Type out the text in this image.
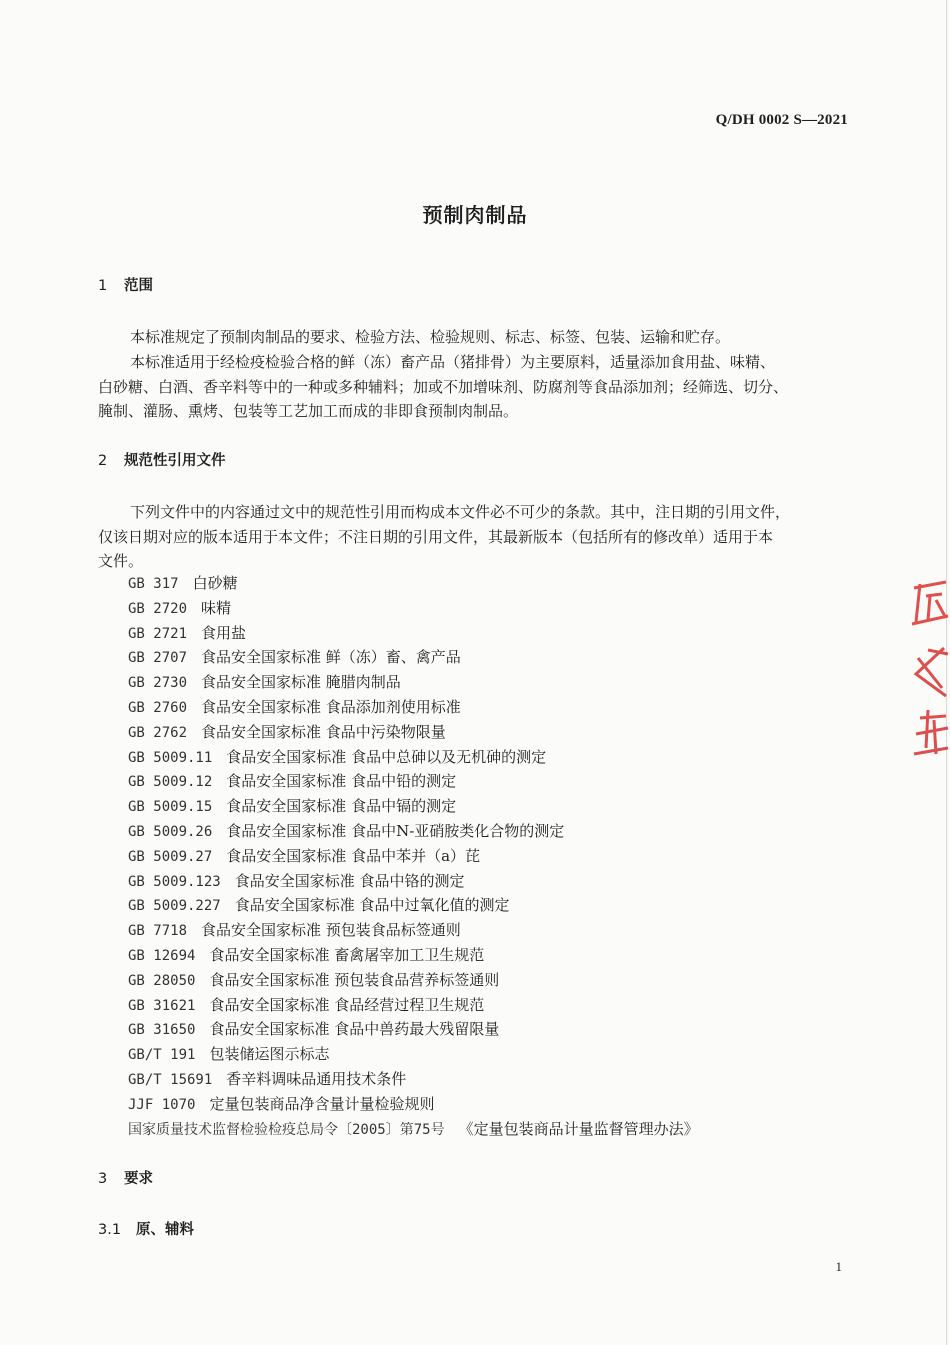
Q/DH 0002 S—2021
预制肉制品
1 范围
本标准规定了预制肉制品的要求、检验方法、检验规则、标志、标签、包装、运输和贮存。
本标准适用于经检疫检验合格的鲜（冻）畜产品（猪排骨）为主要原料，适量添加食用盐、味精、
白砂糖、白酒、香辛料等中的一种或多种辅料；加或不加增味剂、防腐剂等食品添加剂；经筛选、切分、
腌制、灌肠、熏烤、包装等工艺加工而成的非即食预制肉制品。
2 规范性引用文件
下列文件中的内容通过文中的规范性引用而构成本文件必不可少的条款。其中，注日期的引用文件，
仅该日期对应的版本适用于本文件；不注日期的引用文件，其最新版本（包括所有的修改单）适用于本
文件。
GB 317 白砂糖
GB 2720 味精
GB 2721 食用盐
GB 2707 食品安全国家标准 鲜（冻）畜、禽产品
GB 2730 食品安全国家标准 腌腊肉制品
GB 2760 食品安全国家标准 食品添加剂使用标准
GB 2762 食品安全国家标准 食品中污染物限量
GB 5009.11 食品安全国家标准 食品中总砷以及无机砷的测定
GB 5009.12 食品安全国家标准 食品中铅的测定
GB 5009.15 食品安全国家标准 食品中镉的测定
GB 5009.26 食品安全国家标准 食品中N-亚硝胺类化合物的测定
GB 5009.27 食品安全国家标准 食品中苯并（a）芘
GB 5009.123 食品安全国家标准 食品中铬的测定
GB 5009.227 食品安全国家标准 食品中过氧化值的测定
GB 7718 食品安全国家标准 预包装食品标签通则
GB 12694 食品安全国家标准 畜禽屠宰加工卫生规范
GB 28050 食品安全国家标准 预包装食品营养标签通则
GB 31621 食品安全国家标准 食品经营过程卫生规范
GB 31650 食品安全国家标准 食品中兽药最大残留限量
GB/T 191 包装储运图示标志
GB/T 15691 香辛料调味品通用技术条件
JJF 1070 定量包装商品净含量计量检验规则
国家质量技术监督检验检疫总局令〔2005〕第75号 《定量包装商品计量监督管理办法》
3 要求
3.1 原、辅料
1
